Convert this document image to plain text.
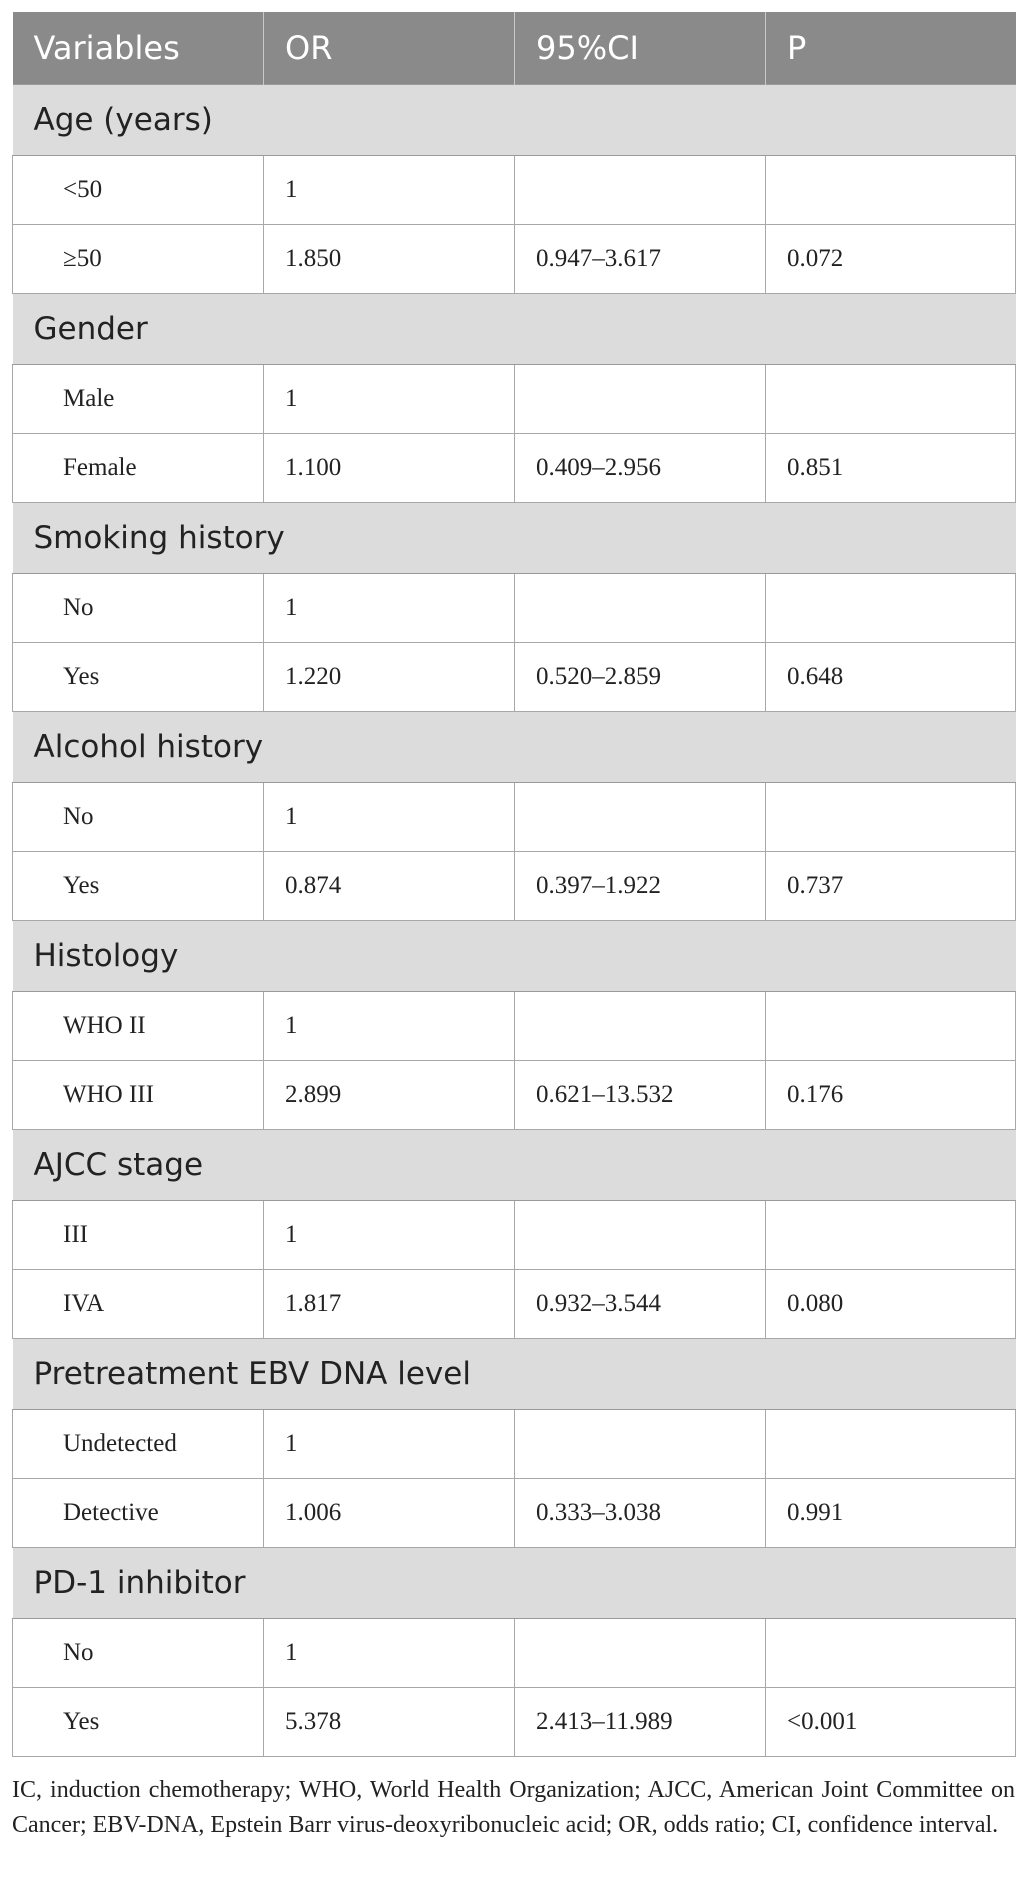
Variables	OR	95%CI	P
Age (years)			
<50	1		
≥50	1.850	0.947–3.617	0.072
Gender			
Male	1		
Female	1.100	0.409–2.956	0.851
Smoking history			
No	1		
Yes	1.220	0.520–2.859	0.648
Alcohol history			
No	1		
Yes	0.874	0.397–1.922	0.737
Histology			
WHO II	1		
WHO III	2.899	0.621–13.532	0.176
AJCC stage			
III	1		
IVA	1.817	0.932–3.544	0.080
Pretreatment EBV DNA level			
Undetected	1		
Detective	1.006	0.333–3.038	0.991
PD-1 inhibitor			
No	1		
Yes	5.378	2.413–11.989	<0.001

IC, induction chemotherapy; WHO, World Health Organization; AJCC, American Joint Committee on Cancer; EBV-DNA, Epstein Barr virus-deoxyribonucleic acid; OR, odds ratio; CI, confidence interval.
